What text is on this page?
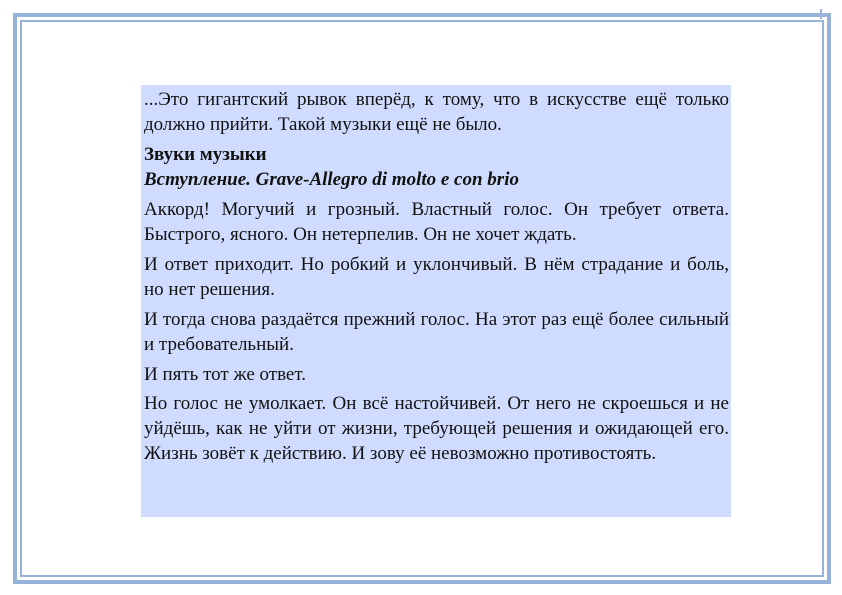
...Это гигантский рывок вперёд, к тому, что в искусстве ещё только должно прийти. Такой музыки ещё не было.

Звуки музыки

Вступление. Grave-Allegro di molto e con brio

Аккорд! Могучий и грозный. Властный голос. Он требует ответа. Быстрого, ясного. Он нетерпелив. Он не хочет ждать.

И ответ приходит. Но робкий и уклончивый. В нём страдание и боль, но нет решения.

И тогда снова раздаётся прежний голос. На этот раз ещё более сильный и требовательный.

И пять тот же ответ.

Но голос не умолкает. Он всё настойчивей. От него не скроешься и не уйдёшь, как не уйти от жизни, требующей решения и ожидающей его. Жизнь зовёт к действию. И зову её невозможно противостоять.
